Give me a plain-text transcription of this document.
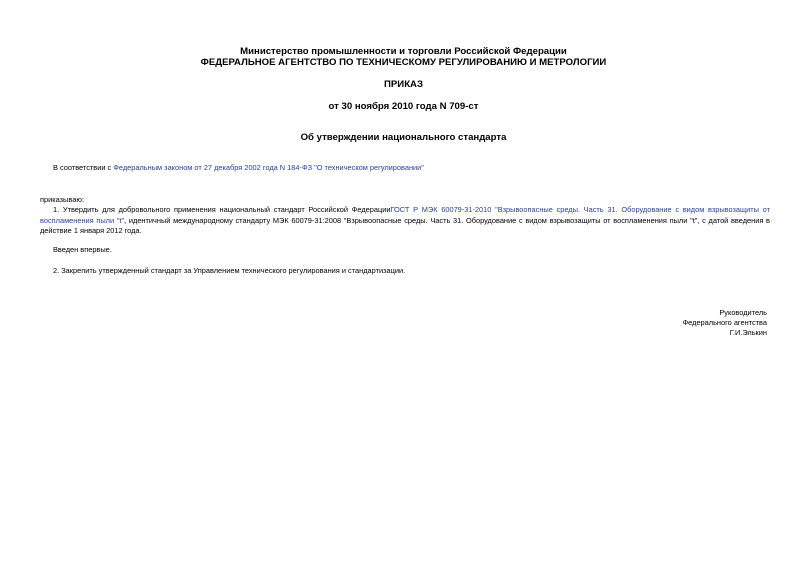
Министерство промышленности и торговли Российской Федерации
ФЕДЕРАЛЬНОЕ АГЕНТСТВО ПО ТЕХНИЧЕСКОМУ РЕГУЛИРОВАНИЮ И МЕТРОЛОГИИ
ПРИКАЗ
от 30 ноября 2010 года N 709-ст
Об утверждении национального стандарта
В соответствии с Федеральным законом от 27 декабря 2002 года N 184-ФЗ "О техническом регулировании"
приказываю:
1. Утвердить для добровольного применения национальный стандарт Российской ФедерацииГОСТ Р МЭК 60079-31-2010 "Взрывоопасные среды. Часть 31. Оборудование с видом взрывозащиты от воспламенения пыли "t", идентичный международному стандарту МЭК 60079-31:2008 "Взрывоопасные среды. Часть 31. Оборудование с видом взрывозащиты от воспламенения пыли "t", с датой введения в действие 1 января 2012 года.
Введен впервые.
2. Закрепить утвержденный стандарт за Управлением технического регулирования и стандартизации.
Руководитель
Федерального агентства
Г.И.Элькин
